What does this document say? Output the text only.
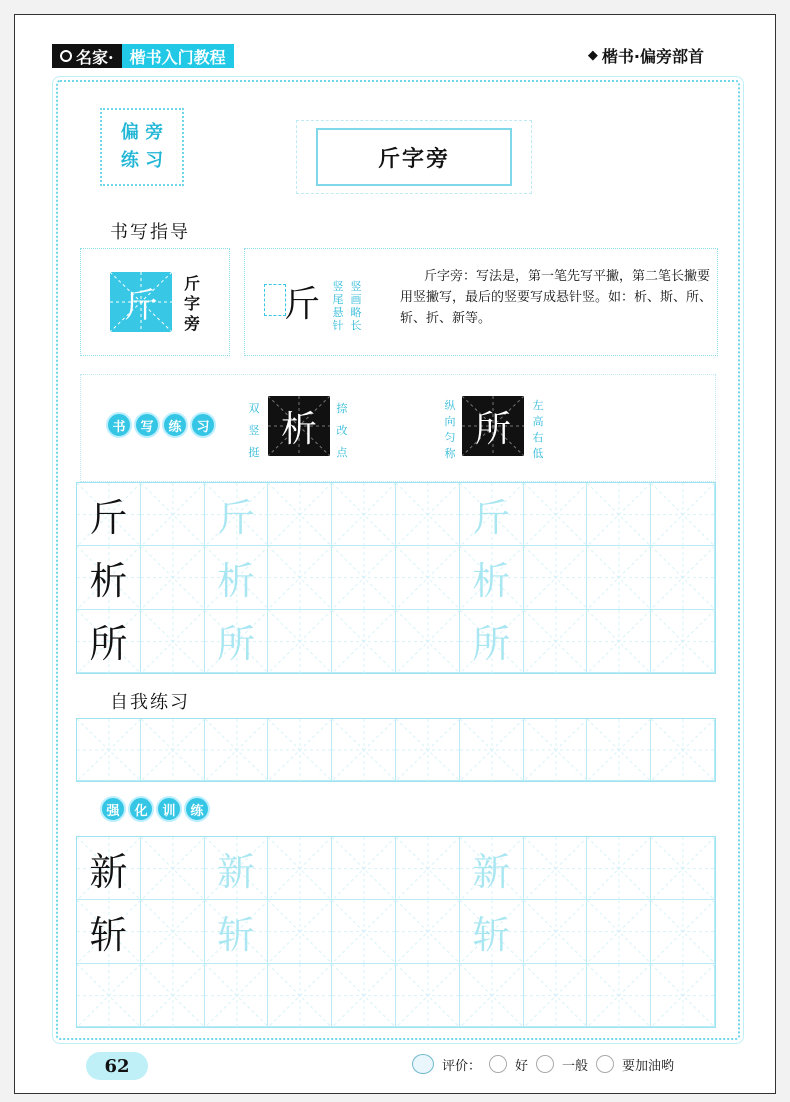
名家·	楷书入门教程	◆ 楷书·偏旁部首
偏 旁
练 习	斤字旁
书写指导
斤
斤
字
旁 斤 竖
尾
悬
针
竖
画
略
长
斤字旁：写法是，第一笔先写平撇，第二笔长撇要用竖撇写，最后的竖要写成悬针竖。如：析、斯、所、斩、折、新等。
书	写	练	习
双
竖
挺
析 捺
改
点
纵
向
匀
称
所
左
高
右
低
斤 斤	斤
析 析	析
所 所	所
自我练习
强	化	训	练
新 新	新
斩 斩	斩
62	评价：	好	一般	要加油哟
